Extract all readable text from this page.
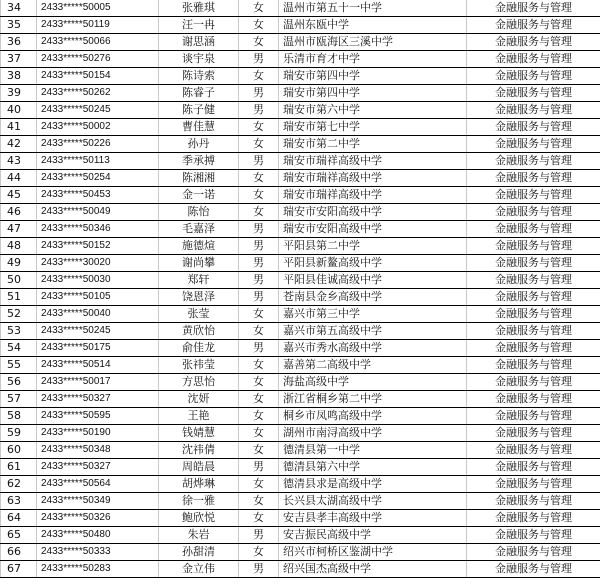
34	2433*****50005	张雅琪	女	温州市第五十一中学	金融服务与管理
35	2433*****50119	汪一冉	女	温州东瓯中学	金融服务与管理
36	2433*****50066	谢思涵	女	温州市瓯海区三溪中学	金融服务与管理
37	2433*****50276	谈宇泉	男	乐清市育才中学	金融服务与管理
38	2433*****50154	陈诗索	女	瑞安市第四中学	金融服务与管理
39	2433*****50262	陈睿子	男	瑞安市第四中学	金融服务与管理
40	2433*****50245	陈子健	男	瑞安市第六中学	金融服务与管理
41	2433*****50002	曹佳慧	女	瑞安市第七中学	金融服务与管理
42	2433*****50226	孙丹	女	瑞安市第二中学	金融服务与管理
43	2433*****50113	季承搏	男	瑞安市瑞祥高级中学	金融服务与管理
44	2433*****50254	陈湘湘	女	瑞安市瑞祥高级中学	金融服务与管理
45	2433*****50453	金一诺	女	瑞安市瑞祥高级中学	金融服务与管理
46	2433*****50049	陈怡	女	瑞安市安阳高级中学	金融服务与管理
47	2433*****50346	毛嘉泽	男	瑞安市安阳高级中学	金融服务与管理
48	2433*****50152	施德煊	男	平阳县第二中学	金融服务与管理
49	2433*****30020	谢尚攀	男	平阳县新鳌高级中学	金融服务与管理
50	2433*****50030	郑轩	男	平阳县佳诚高级中学	金融服务与管理
51	2433*****50105	饶恩泽	男	苍南县金乡高级中学	金融服务与管理
52	2433*****50040	张莹	女	嘉兴市第三中学	金融服务与管理
53	2433*****50245	黄欣怡	女	嘉兴市第五高级中学	金融服务与管理
54	2433*****50175	俞佳龙	男	嘉兴市秀水高级中学	金融服务与管理
55	2433*****50514	张祎莹	女	嘉善第二高级中学	金融服务与管理
56	2433*****50017	方思怡	女	海盐高级中学	金融服务与管理
57	2433*****50327	沈妍	女	浙江省桐乡第二中学	金融服务与管理
58	2433*****50595	王艳	女	桐乡市凤鸣高级中学	金融服务与管理
59	2433*****50190	钱婧慧	女	湖州市南浔高级中学	金融服务与管理
60	2433*****50348	沈祎倩	女	德清县第一中学	金融服务与管理
61	2433*****50327	周皓晨	男	德清县第六中学	金融服务与管理
62	2433*****50564	胡烨琳	女	德清县求是高级中学	金融服务与管理
63	2433*****50349	徐一雅	女	长兴县太湖高级中学	金融服务与管理
64	2433*****50326	鲍欣悦	女	安吉县孝丰高级中学	金融服务与管理
65	2433*****50480	朱岩	男	安吉振民高级中学	金融服务与管理
66	2433*****50333	孙甜清	女	绍兴市柯桥区鉴湖中学	金融服务与管理
67	2433*****50283	金立伟	男	绍兴国杰高级中学	金融服务与管理
